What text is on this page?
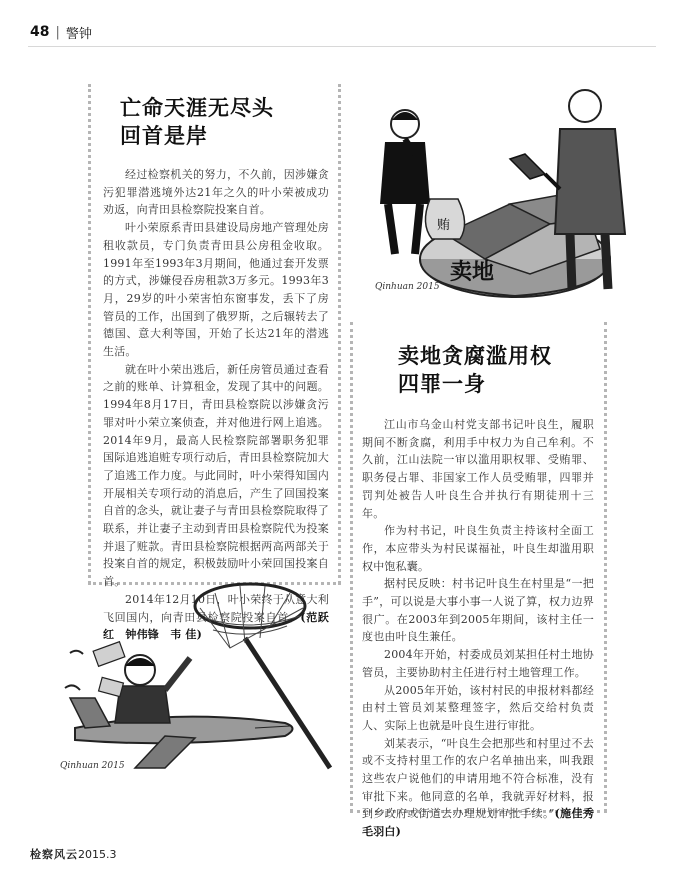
48 | 警钟
亡命天涯无尽头
回首是岸

经过检察机关的努力，不久前，因涉嫌贪污犯罪潜逃境外达21年之久的叶小荣被成功劝返，向青田县检察院投案自首。

叶小荣原系青田县建设局房地产管理处房租收款员，专门负责青田县公房租金收取。1991年至1993年3月期间，他通过套开发票的方式，涉嫌侵吞房租款3万多元。1993年3月，29岁的叶小荣害怕东窗事发，丢下了房管员的工作，出国到了俄罗斯，之后辗转去了德国、意大利等国，开始了长达21年的潜逃生活。

就在叶小荣出逃后，新任房管员通过查看之前的账单、计算租金，发现了其中的问题。1994年8月17日，青田县检察院以涉嫌贪污罪对叶小荣立案侦查，并对他进行网上追逃。2014年9月，最高人民检察院部署职务犯罪国际追逃追赃专项行动后，青田县检察院加大了追逃工作力度。与此同时，叶小荣得知国内开展相关专项行动的消息后，产生了回国投案自首的念头，就让妻子与青田县检察院取得了联系，并让妻子主动到青田县检察院代为投案并退了赃款。青田县检察院根据两高两部关于投案自首的规定，积极鼓励叶小荣回国投案自首。

2014年12月10日，叶小荣终于从意大利飞回国内，向青田县检察院投案自首。(范跃红　钟伟锋　韦 佳)

卖地
贿
Qinhuan 2015
卖地贪腐滥用权
四罪一身

江山市乌金山村党支部书记叶良生，履职期间不断贪腐，利用手中权力为自己牟利。不久前，江山法院一审以滥用职权罪、受贿罪、职务侵占罪、非国家工作人员受贿罪，四罪并罚判处被告人叶良生合并执行有期徒刑十三年。

作为村书记，叶良生负责主持该村全面工作，本应带头为村民谋福祉，叶良生却滥用职权中饱私囊。

据村民反映：村书记叶良生在村里是“一把手”，可以说是大事小事一人说了算，权力边界很广。在2003年到2005年期间，该村主任一度也由叶良生兼任。

2004年开始，村委成员刘某担任村土地协管员，主要协助村主任进行村土地管理工作。

从2005年开始，该村村民的申报材料都经由村土管员刘某整理签字，然后交给村负责人、实际上也就是叶良生进行审批。

刘某表示，“叶良生会把那些和村里过不去或不支持村里工作的农户名单抽出来，叫我跟这些农户说他们的申请用地不符合标准，没有审批下来。他同意的名单，我就弄好材料，报到乡政府或街道去办理规划审批手续。”(施佳秀　毛羽白)

Qinhuan 2015
检察风云2015.3
